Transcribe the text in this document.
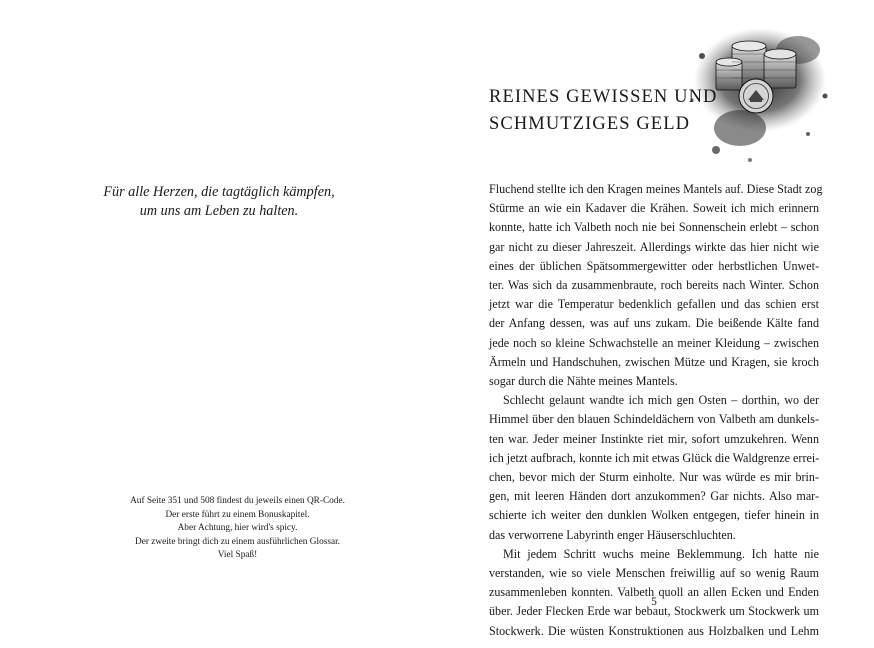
Für alle Herzen, die tagtäglich kämpfen,
um uns am Leben zu halten.
Auf Seite 351 und 508 findest du jeweils einen QR-Code.
Der erste führt zu einem Bonuskapitel.
Aber Achtung, hier wird's spicy.
Der zweite bringt dich zu einem ausführlichen Glossar.
Viel Spaß!
REINES GEWISSEN UND
SCHMUTZIGES GELD
Fluchend stellte ich den Kragen meines Mantels auf. Diese Stadt zog
Stürme an wie ein Kadaver die Krähen. Soweit ich mich erinnern
konnte, hatte ich Valbeth noch nie bei Sonnenschein erlebt – schon
gar nicht zu dieser Jahreszeit. Allerdings wirkte das hier nicht wie
eines der üblichen Spätsommergewitter oder herbstlichen Unwet-
ter. Was sich da zusammenbraute, roch bereits nach Winter. Schon
jetzt war die Temperatur bedenklich gefallen und das schien erst
der Anfang dessen, was auf uns zukam. Die beißende Kälte fand
jede noch so kleine Schwachstelle an meiner Kleidung – zwischen
Ärmeln und Handschuhen, zwischen Mütze und Kragen, sie kroch
sogar durch die Nähte meines Mantels.
Schlecht gelaunt wandte ich mich gen Osten – dorthin, wo der
Himmel über den blauen Schindeldächern von Valbeth am dunkels-
ten war. Jeder meiner Instinkte riet mir, sofort umzukehren. Wenn
ich jetzt aufbrach, konnte ich mit etwas Glück die Waldgrenze errei-
chen, bevor mich der Sturm einholte. Nur was würde es mir brin-
gen, mit leeren Händen dort anzukommen? Gar nichts. Also mar-
schierte ich weiter den dunklen Wolken entgegen, tiefer hinein in
das verworrene Labyrinth enger Häuserschluchten.
Mit jedem Schritt wuchs meine Beklemmung. Ich hatte nie
verstanden, wie so viele Menschen freiwillig auf so wenig Raum
zusammenleben konnten. Valbeth quoll an allen Ecken und Enden
über. Jeder Flecken Erde war bebaut, Stockwerk um Stockwerk um
Stockwerk. Die wüsten Konstruktionen aus Holzbalken und Lehm
5
